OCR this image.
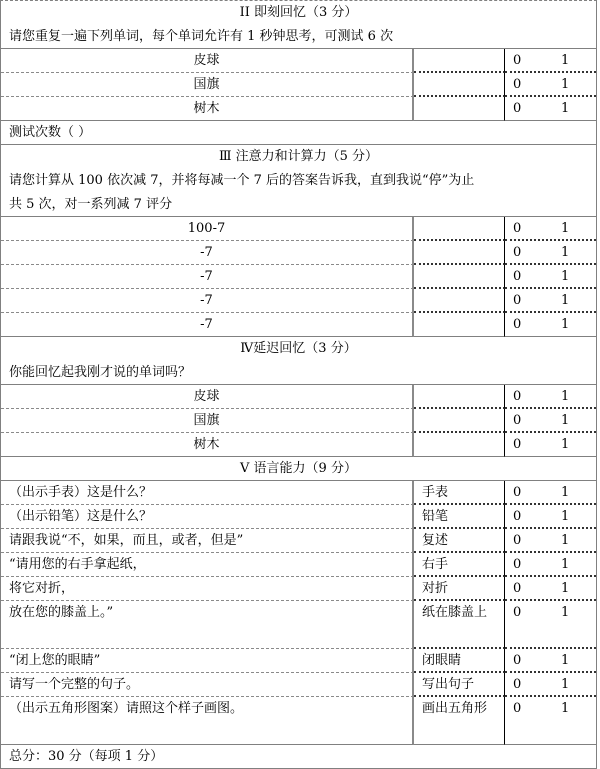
II 即刻回忆（3 分）
请您重复一遍下列单词，每个单词允许有 1 秒钟思考，可测试 6 次
皮球	0	1
国旗	0	1
树木	0	1
测试次数（ ）
Ⅲ 注意力和计算力（5 分）
请您计算从 100 依次减 7，并将每减一个 7 后的答案告诉我，直到我说“停”为止
共 5 次，对一系列减 7 评分
100-7	0	1
-7	0	1
-7	0	1
-7	0	1
-7	0	1
Ⅳ延迟回忆（3 分）
你能回忆起我刚才说的单词吗？
皮球	0	1
国旗	0	1
树木	0	1
Ⅴ 语言能力（9 分）
（出示手表）这是什么？	手表	0	1
（出示铅笔）这是什么？	铅笔	0	1
请跟我说“不，如果，而且，或者，但是”	复述	0	1
“请用您的右手拿起纸，	右手	0	1
将它对折，	对折	0	1
放在您的膝盖上。”	纸在膝盖上	0	1
“闭上您的眼睛”	闭眼睛	0	1
请写一个完整的句子。	写出句子	0	1
（出示五角形图案）请照这个样子画图。	画出五角形	0	1
总分：30 分（每项 1 分）
